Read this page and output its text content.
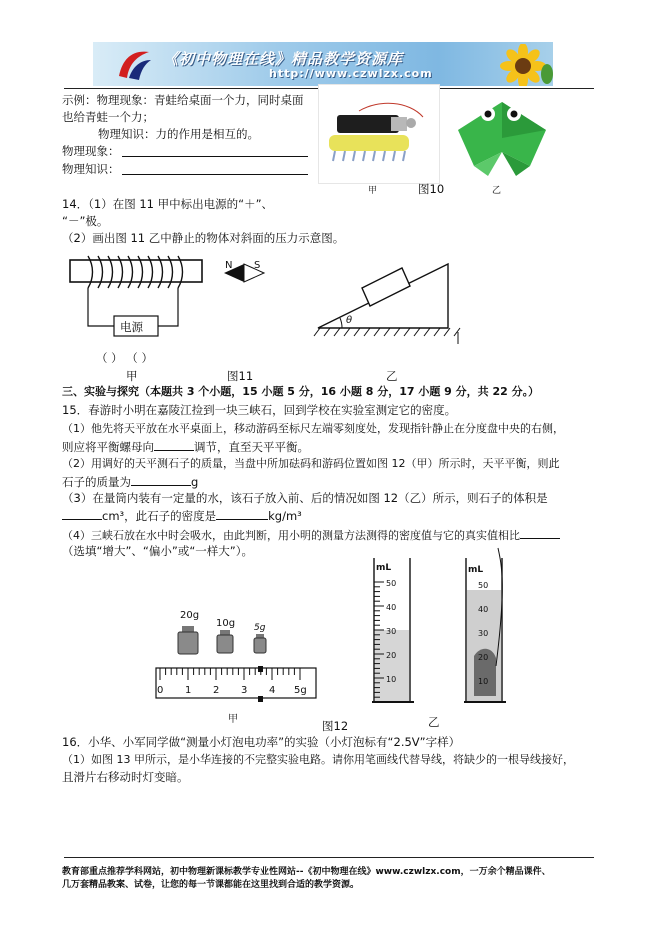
《初中物理在线》精品教学资源库
http://www.czwlzx.com
示例：物理现象：青蛙给桌面一个力，同时桌面
也给青蛙一个力；
物理知识：力的作用是相互的。
物理现象：
物理知识：
甲	图10	乙
14．（1）在图 11 甲中标出电源的“＋”、
“－”极。
（2）画出图 11 乙中静止的物体对斜面的压力示意图。
电源
N S
（ ） （ ）
θ
甲	图11	乙
三、实验与探究（本题共 3 个小题，15 小题 5 分，16 小题 8 分，17 小题 9 分，共 22 分。）
15．春游时小明在嘉陵江捡到一块三峡石，回到学校在实验室测定它的密度。
（1）他先将天平放在水平桌面上，移动游码至标尺左端零刻度处，发现指针静止在分度盘中央的右侧，
则应将平衡螺母向	调节，直至天平平衡。
（2）用调好的天平测石子的质量，当盘中所加砝码和游码位置如图 12（甲）所示时，天平平衡，则此
石子的质量为	g
（3）在量筒内装有一定量的水，该石子放入前、后的情况如图 12（乙）所示，则石子的体积是
cm³，此石子的密度是	kg/m³
（4）三峡石放在水中时会吸水，由此判断，用小明的测量方法测得的密度值与它的真实值相比
（选填“增大”、“偏小”或“一样大”）。
20g
10g 5g
0 1 2 3 4 5g
mL
50
40
30
20
10
mL
50
40
30
20
10
甲	图12	乙
16．小华、小军同学做“测量小灯泡电功率”的实验（小灯泡标有“2.5V”字样）
（1）如图 13 甲所示，是小华连接的不完整实验电路。请你用笔画线代替导线，将缺少的一根导线接好，
且滑片右移动时灯变暗。
教育部重点推荐学科网站，初中物理新课标教学专业性网站--《初中物理在线》www.czwlzx.com，一万余个精品课件、
几万套精品教案、试卷，让您的每一节课都能在这里找到合适的教学资源。
